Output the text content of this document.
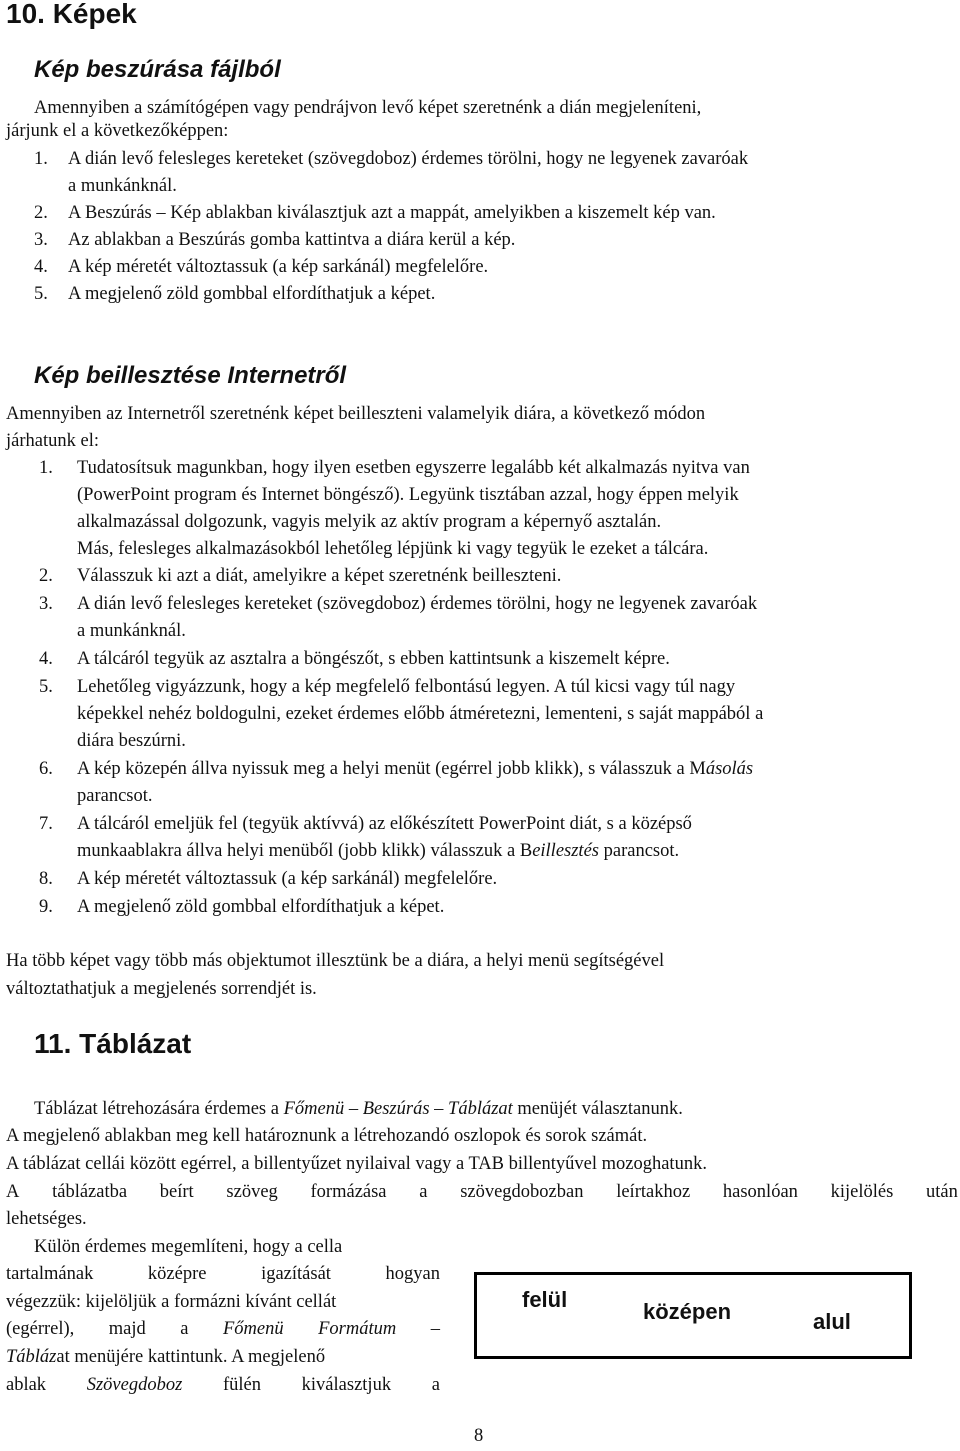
10. Képek
Kép beszúrása fájlból

Amennyiben a számítógépen vagy pendrájvon levő képet szeretnénk a dián megjeleníteni,

járjunk el a következőképpen:

1. A dián levő felesleges kereteket (szövegdoboz) érdemes törölni, hogy ne legyenek zavaróak

a munkánknál.

2. A Beszúrás – Kép ablakban kiválasztjuk azt a mappát, amelyikben a kiszemelt kép van.

3. Az ablakban a Beszúrás gomba kattintva a diára kerül a kép.

4. A kép méretét változtassuk (a kép sarkánál) megfelelőre.

5. A megjelenő zöld gombbal elfordíthatjuk a képet.

Kép beillesztése Internetről

Amennyiben az Internetről szeretnénk képet beilleszteni valamelyik diára, a következő módon

járhatunk el:

1. Tudatosítsuk magunkban, hogy ilyen esetben egyszerre legalább két alkalmazás nyitva van

(PowerPoint program és Internet böngésző). Legyünk tisztában azzal, hogy éppen melyik

alkalmazással dolgozunk, vagyis melyik az aktív program a képernyő asztalán.

Más, felesleges alkalmazásokból lehetőleg lépjünk ki vagy tegyük le ezeket a tálcára.

2. Válasszuk ki azt a diát, amelyikre a képet szeretnénk beilleszteni.

3. A dián levő felesleges kereteket (szövegdoboz) érdemes törölni, hogy ne legyenek zavaróak

a munkánknál.

4. A tálcáról tegyük az asztalra a böngészőt, s ebben kattintsunk a kiszemelt képre.

5. Lehetőleg vigyázzunk, hogy a kép megfelelő felbontású legyen. A túl kicsi vagy túl nagy

képekkel nehéz boldogulni, ezeket érdemes előbb átméretezni, lementeni, s saját mappából a

diára beszúrni.

6. A kép közepén állva nyissuk meg a helyi menüt (egérrel jobb klikk), s válasszuk a Másolás

parancsot.

7. A tálcáról emeljük fel (tegyük aktívvá) az előkészített PowerPoint diát, s a középső

munkaablakra állva helyi menüből (jobb klikk) válasszuk a Beillesztés parancsot.

8. A kép méretét változtassuk (a kép sarkánál) megfelelőre.

9. A megjelenő zöld gombbal elfordíthatjuk a képet.

Ha több képet vagy több más objektumot illesztünk be a diára, a helyi menü segítségével

változtathatjuk a megjelenés sorrendjét is.

11. Táblázat

Táblázat létrehozására érdemes a Főmenü – Beszúrás – Táblázat menüjét választanunk.

A megjelenő ablakban meg kell határoznunk a létrehozandó oszlopok és sorok számát.

A táblázat cellái között egérrel, a billentyűzet nyilaival vagy a TAB billentyűvel mozoghatunk.

A táblázatba beírt szöveg formázása a szövegdobozban leírtakhoz hasonlóan kijelölés után

lehetséges.

Külön érdemes megemlíteni, hogy a cella

tartalmának	középre	igazítását	hogyan

végezzük: kijelöljük a formázni kívánt cellát

(egérrel), majd a Főmenü Formátum –

Táblázat menüjére kattintunk. A megjelenő

ablak Szövegdoboz fülén kiválasztjuk a
felül	középen	alul
8
